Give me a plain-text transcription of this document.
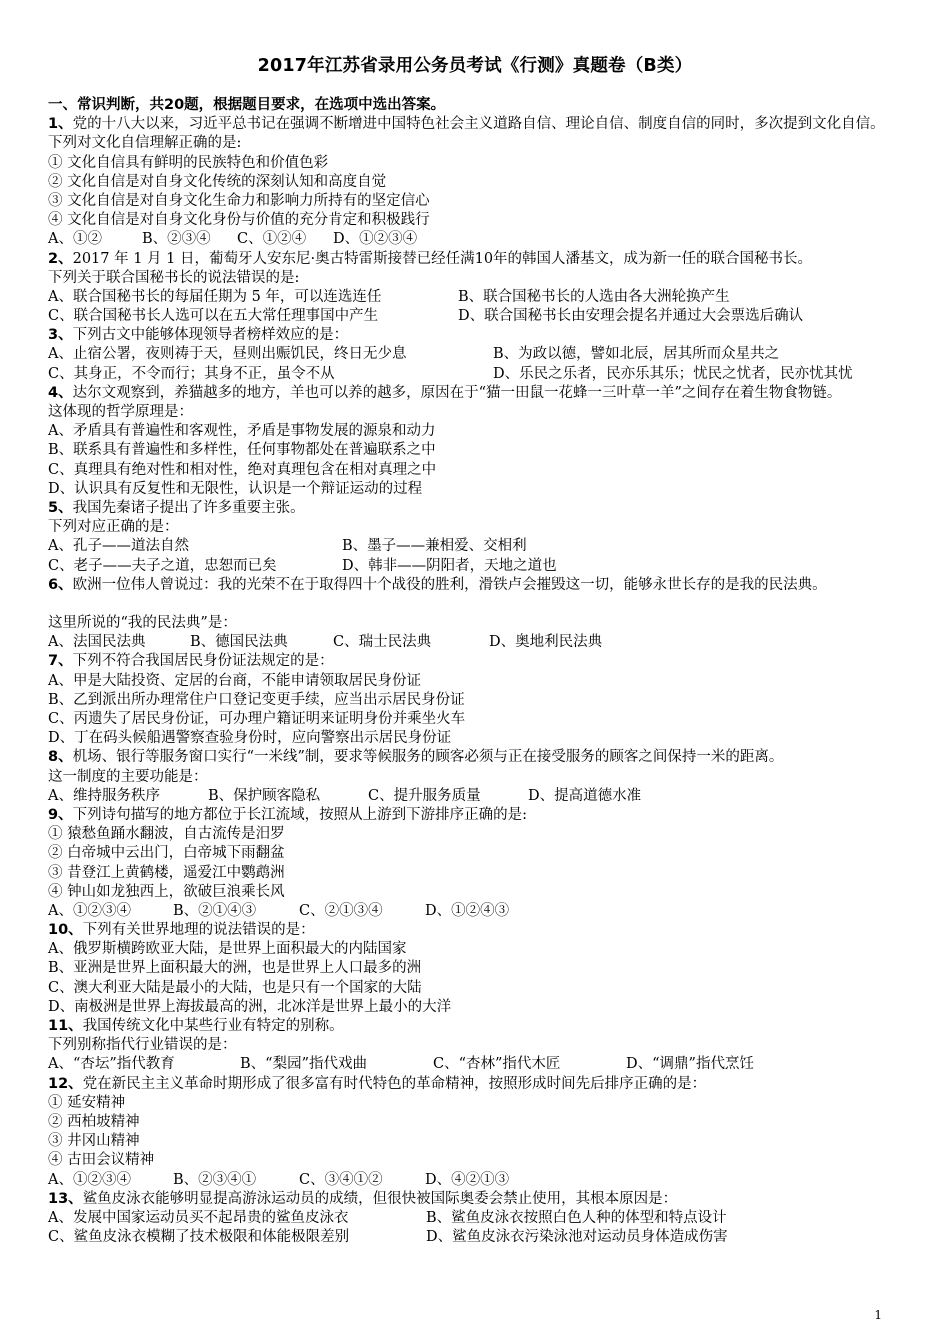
2017年江苏省录用公务员考试《行测》真题卷（B类）
一、常识判断，共20题，根据题目要求，在选项中选出答案。
1、党的十八大以来，习近平总书记在强调不断增进中国特色社会主义道路自信、理论自信、制度自信的同时，多次提到文化自信。
下列对文化自信理解正确的是:
① 文化自信具有鲜明的民族特色和价值色彩
② 文化自信是对自身文化传统的深刻认知和高度自觉
③ 文化自信是对自身文化生命力和影响力所持有的坚定信心
④ 文化自信是对自身文化身份与价值的充分肯定和积极践行
A、①②	B、②③④ C、①②④ D、①②③④
2、2017 年 1 月 1 日，葡萄牙人安东尼·奥古特雷斯接替已经任满10年的韩国人潘基文，成为新一任的联合国秘书长。
下列关于联合国秘书长的说法错误的是:
A、联合国秘书长的每届任期为 5 年，可以连选连任	B、联合国秘书长的人选由各大洲轮换产生
C、联合国秘书长人选可以在五大常任理事国中产生	D、联合国秘书长由安理会提名并通过大会票选后确认
3、下列古文中能够体现领导者榜样效应的是：
A、止宿公署，夜则祷于天，昼则出赈饥民，终日无少息	B、为政以德，譬如北辰，居其所而众星共之
C、其身正，不令而行；其身不正，虽令不从	D、乐民之乐者，民亦乐其乐；忧民之忧者，民亦忧其忧
4、达尔文观察到，养猫越多的地方，羊也可以养的越多，原因在于“猫一田鼠一花蜂一三叶草一羊”之间存在着生物食物链。
这体现的哲学原理是：
A、矛盾具有普遍性和客观性，矛盾是事物发展的源泉和动力
B、联系具有普遍性和多样性，任何事物都处在普遍联系之中
C、真理具有绝对性和相对性，绝对真理包含在相对真理之中
D、认识具有反复性和无限性，认识是一个辩证运动的过程
5、我国先秦诸子提出了许多重要主张。
下列对应正确的是：
A、孔子——道法自然	B、墨子——兼相爱、交相利
C、老子——夫子之道，忠恕而已矣	D、韩非——阴阳者，天地之道也
6、欧洲一位伟人曾说过：我的光荣不在于取得四十个战役的胜利，滑铁卢会摧毁这一切，能够永世长存的是我的民法典。
这里所说的“我的民法典”是：
A、法国民法典	B、德国民法典	C、瑞士民法典	D、奥地利民法典
7、下列不符合我国居民身份证法规定的是：
A、甲是大陆投资、定居的台商，不能申请领取居民身份证
B、乙到派出所办理常住户口登记变更手续，应当出示居民身份证
C、丙遗失了居民身份证，可办理户籍证明来证明身份并乘坐火车
D、丁在码头候船遇警察查验身份时，应向警察出示居民身份证
8、机场、银行等服务窗口实行“一米线”制，要求等候服务的顾客必须与正在接受服务的顾客之间保持一米的距离。
这一制度的主要功能是：
A、维持服务秩序	B、保护顾客隐私	C、提升服务质量	D、提高道德水准
9、下列诗句描写的地方都位于长江流域，按照从上游到下游排序正确的是:
① 猿愁鱼踊水翻波，自古流传是汨罗
② 白帝城中云出门，白帝城下雨翻盆
③ 昔登江上黄鹤楼，遥爱江中鹦鹉洲
④ 钟山如龙独西上，欲破巨浪乘长风
A、①②③④	B、②①④③	C、②①③④	D、①②④③
10、下列有关世界地理的说法错误的是：
A、俄罗斯横跨欧亚大陆，是世界上面积最大的内陆国家
B、亚洲是世界上面积最大的洲，也是世界上人口最多的洲
C、澳大利亚大陆是最小的大陆，也是只有一个国家的大陆
D、南极洲是世界上海拔最高的洲，北冰洋是世界上最小的大洋
11、我国传统文化中某些行业有特定的别称。
下列别称指代行业错误的是：
A、“杏坛”指代教育	B、“梨园”指代戏曲	C、“杏林”指代木匠	D、“调鼎”指代烹饪
12、党在新民主主义革命时期形成了很多富有时代特色的革命精神，按照形成时间先后排序正确的是：
① 延安精神
② 西柏坡精神
③ 井冈山精神
④ 古田会议精神
A、①②③④	B、②③④①	C、③④①②	D、④②①③
13、鲨鱼皮泳衣能够明显提高游泳运动员的成绩，但很快被国际奥委会禁止使用，其根本原因是：
A、发展中国家运动员买不起昂贵的鲨鱼皮泳衣	B、鲨鱼皮泳衣按照白色人种的体型和特点设计
C、鲨鱼皮泳衣模糊了技术极限和体能极限差别	D、鲨鱼皮泳衣污染泳池对运动员身体造成伤害
1
